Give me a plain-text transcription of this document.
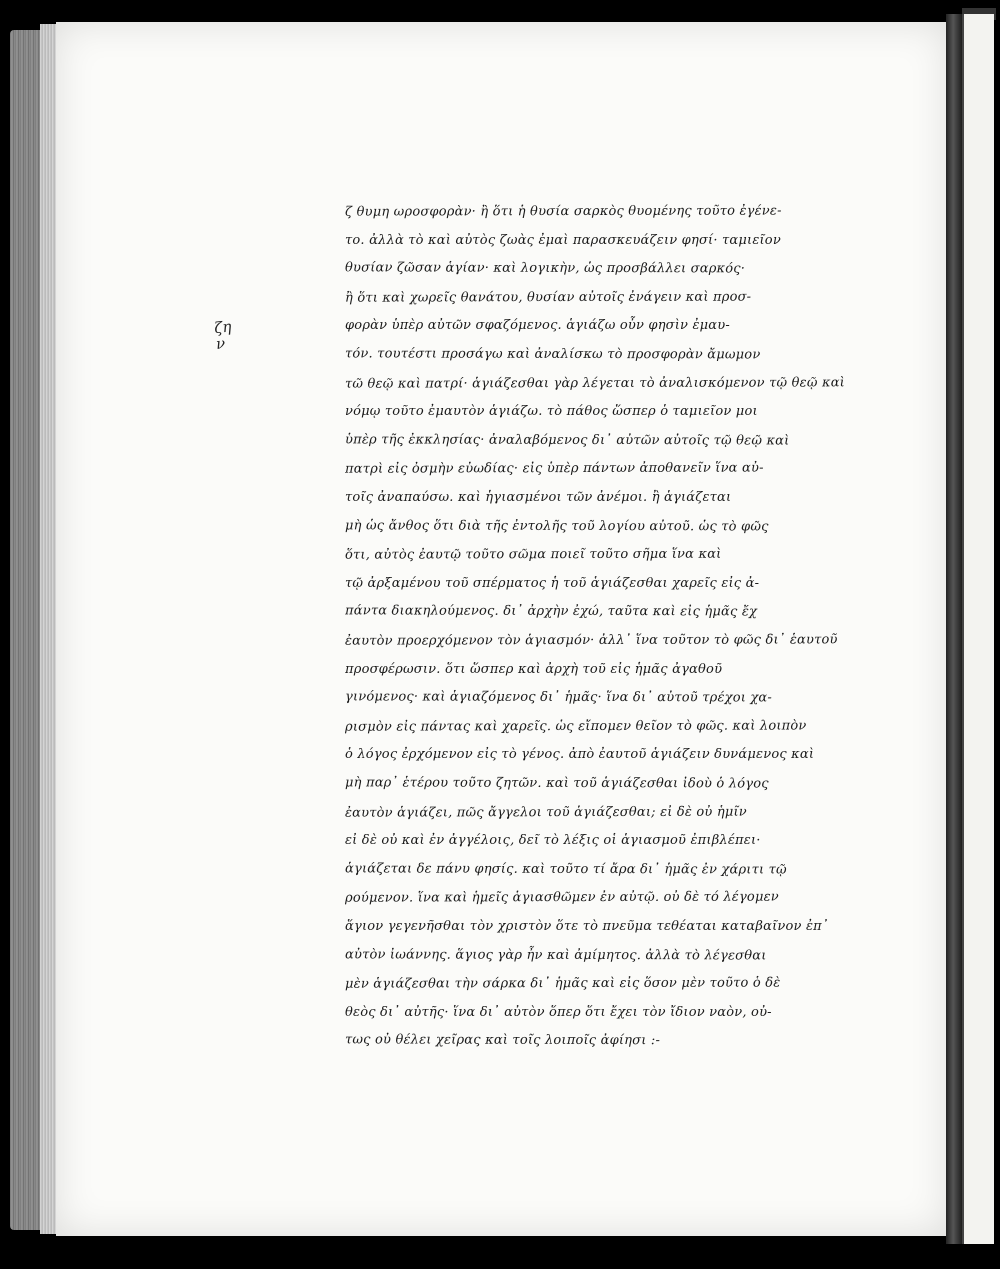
ζη
ν
ζ θυμη ωροσφορὰν· ἢ ὅτι ἡ θυσία σαρκὸς θυομένης τοῦτο ἐγένε-
το. ἀλλὰ τὸ καὶ αὐτὸς ζωὰς ἐμαὶ παρασκευάζειν φησί· ταμιεῖον
θυσίαν ζῶσαν ἁγίαν· καὶ λογικὴν, ὡς προσβάλλει σαρκός·
ἢ ὅτι καὶ χωρεῖς θανάτου, θυσίαν αὐτοῖς ἐνάγειν καὶ προσ-
φορὰν ὑπὲρ αὐτῶν σφαζόμενος. ἁγιάζω οὖν φησὶν ἐμαυ-
τόν. τουτέστι προσάγω καὶ ἀναλίσκω τὸ προσφορὰν ἄμωμον
τῶ θεῷ καὶ πατρί· ἁγιάζεσθαι γὰρ λέγεται τὸ ἀναλισκόμενον τῷ θεῷ καὶ
νόμῳ τοῦτο ἐμαυτὸν ἁγιάζω. τὸ πάθος ὥσπερ ὁ ταμιεῖον μοι
ὑπὲρ τῆς ἐκκλησίας· ἀναλαβόμενος δι᾽ αὐτῶν αὐτοῖς τῷ θεῷ καὶ
πατρὶ εἰς ὀσμὴν εὐωδίας· εἰς ὑπὲρ πάντων ἀποθανεῖν ἵνα αὐ-
τοῖς ἀναπαύσω. καὶ ἡγιασμένοι τῶν ἀνέμοι. ἢ ἁγιάζεται
μὴ ὡς ἄνθος ὅτι διὰ τῆς ἐντολῆς τοῦ λογίου αὐτοῦ. ὡς τὸ φῶς
ὅτι, αὐτὸς ἐαυτῷ τοῦτο σῶμα ποιεῖ τοῦτο σῆμα ἵνα καὶ
τῷ ἀρξαμένου τοῦ σπέρματος ἡ τοῦ ἁγιάζεσθαι χαρεῖς εἰς ἀ-
πάντα διακηλούμενος. δι᾽ ἀρχὴν ἐχώ, ταῦτα καὶ εἰς ἡμᾶς ἔχ
ἐαυτὸν προερχόμενον τὸν ἁγιασμόν· ἀλλ᾽ ἵνα τοῦτον τὸ φῶς δι᾽ ἑαυτοῦ
προσφέρωσιν. ὅτι ὥσπερ καὶ ἀρχὴ τοῦ εἰς ἡμᾶς ἀγαθοῦ
γινόμενος· καὶ ἁγιαζόμενος δι᾽ ἡμᾶς· ἵνα δι᾽ αὐτοῦ τρέχοι χα-
ρισμὸν εἰς πάντας καὶ χαρεῖς. ὡς εἴπομεν θεῖον τὸ φῶς. καὶ λοιπὸν
ὁ λόγος ἐρχόμενον εἰς τὸ γένος. ἀπὸ ἐαυτοῦ ἁγιάζειν δυνάμενος καὶ
μὴ παρ᾽ ἑτέρου τοῦτο ζητῶν. καὶ τοῦ ἁγιάζεσθαι ἰδοὺ ὁ λόγος
ἐαυτὸν ἁγιάζει, πῶς ἄγγελοι τοῦ ἁγιάζεσθαι; εἰ δὲ οὐ ἡμῖν
εἰ δὲ οὐ καὶ ἐν ἀγγέλοις, δεῖ τὸ λέξις οἱ ἁγιασμοῦ ἐπιβλέπει·
ἁγιάζεται δε πάνυ φησίς. καὶ τοῦτο τί ἄρα δι᾽ ἡμᾶς ἐν χάριτι τῷ
ρούμενον. ἵνα καὶ ἡμεῖς ἁγιασθῶμεν ἐν αὐτῷ. οὐ δὲ τό λέγομεν
ἅγιον γεγενῆσθαι τὸν χριστὸν ὅτε τὸ πνεῦμα τεθέαται καταβαῖνον ἐπ᾽
αὐτὸν ἰωάννης. ἅγιος γὰρ ἦν καὶ ἀμίμητος. ἀλλὰ τὸ λέγεσθαι
μὲν ἁγιάζεσθαι τὴν σάρκα δι᾽ ἡμᾶς καὶ εἰς ὅσον μὲν τοῦτο ὁ δὲ
θεὸς δι᾽ αὐτῆς· ἵνα δι᾽ αὐτὸν ὅπερ ὅτι ἔχει τὸν ἴδιον ναὸν, οὐ-
τως οὐ θέλει χεῖρας καὶ τοῖς λοιποῖς ἀφίησι :-
